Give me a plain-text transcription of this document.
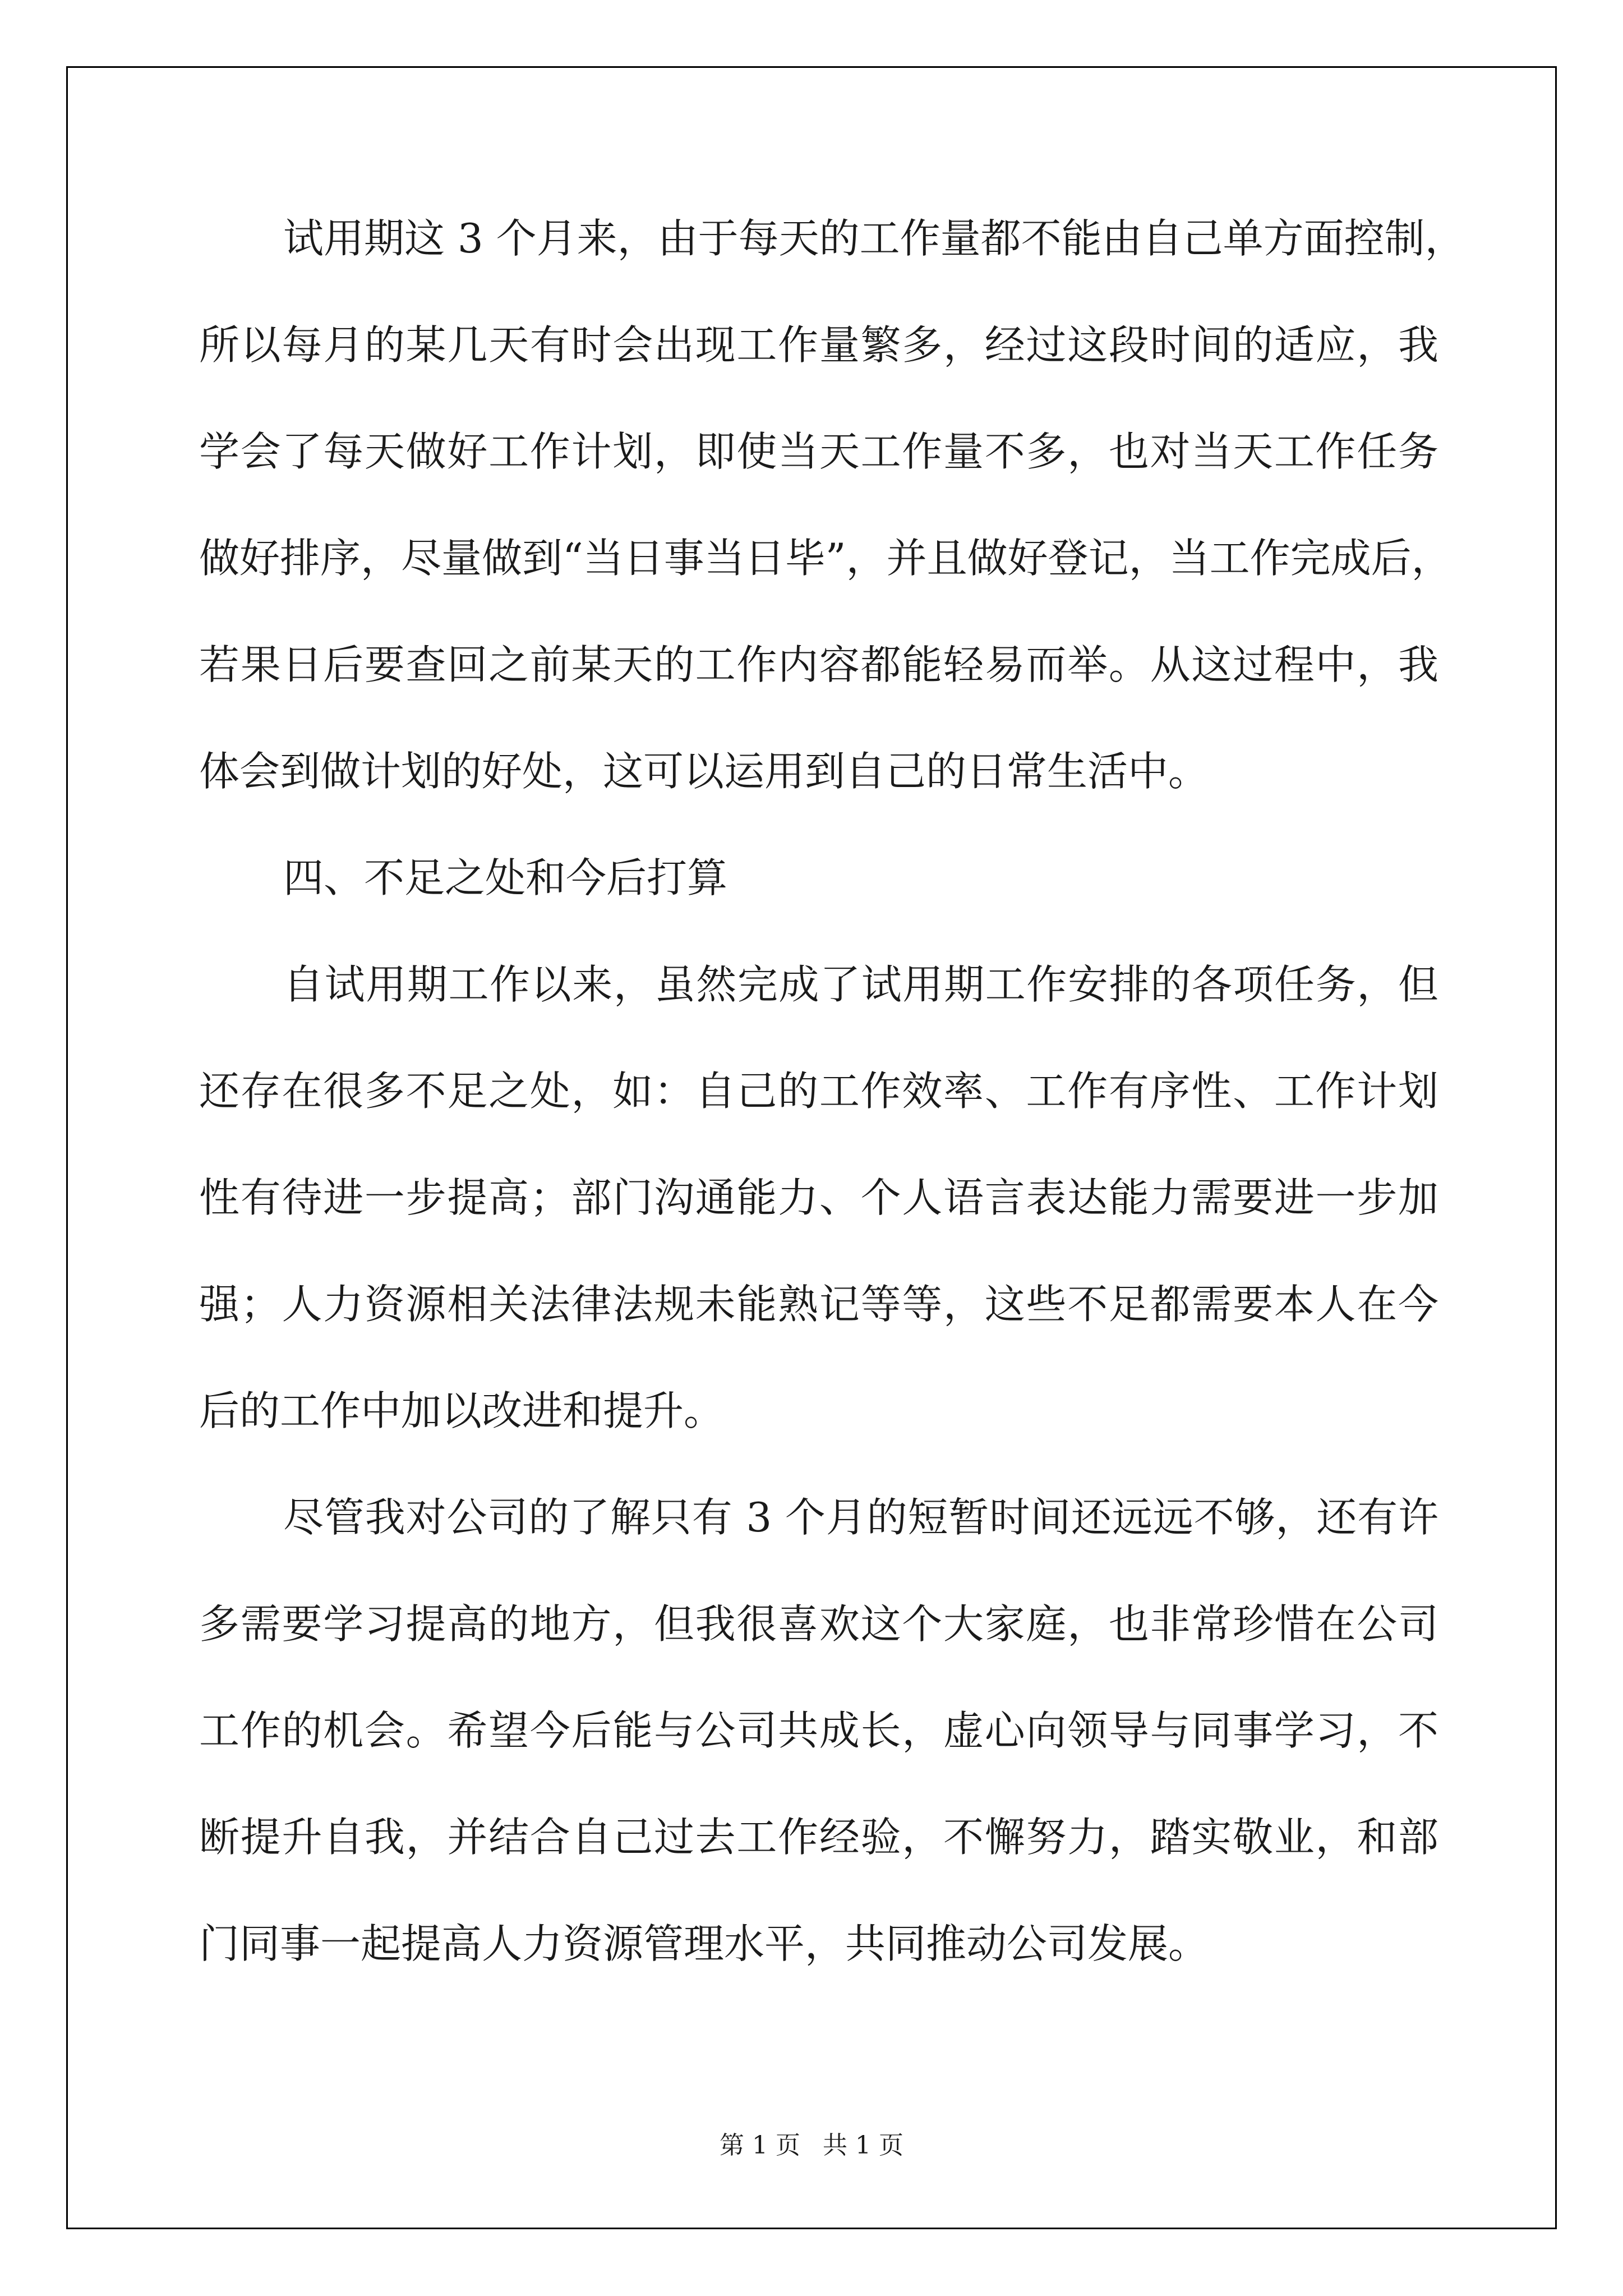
试用期这 3 个月来，由于每天的工作量都不能由自己单方面控制，
所以每月的某几天有时会出现工作量繁多，经过这段时间的适应，我
学会了每天做好工作计划，即使当天工作量不多，也对当天工作任务
做好排序，尽量做到“当日事当日毕”，并且做好登记，当工作完成后，
若果日后要查回之前某天的工作内容都能轻易而举。从这过程中，我
体会到做计划的好处，这可以运用到自己的日常生活中。
四、不足之处和今后打算
自试用期工作以来，虽然完成了试用期工作安排的各项任务，但
还存在很多不足之处，如：自己的工作效率、工作有序性、工作计划
性有待进一步提高；部门沟通能力、个人语言表达能力需要进一步加
强；人力资源相关法律法规未能熟记等等，这些不足都需要本人在今
后的工作中加以改进和提升。
尽管我对公司的了解只有 3 个月的短暂时间还远远不够，还有许
多需要学习提高的地方，但我很喜欢这个大家庭，也非常珍惜在公司
工作的机会。希望今后能与公司共成长，虚心向领导与同事学习，不
断提升自我，并结合自己过去工作经验，不懈努力，踏实敬业，和部
门同事一起提高人力资源管理水平，共同推动公司发展。
第 1 页 共 1 页
